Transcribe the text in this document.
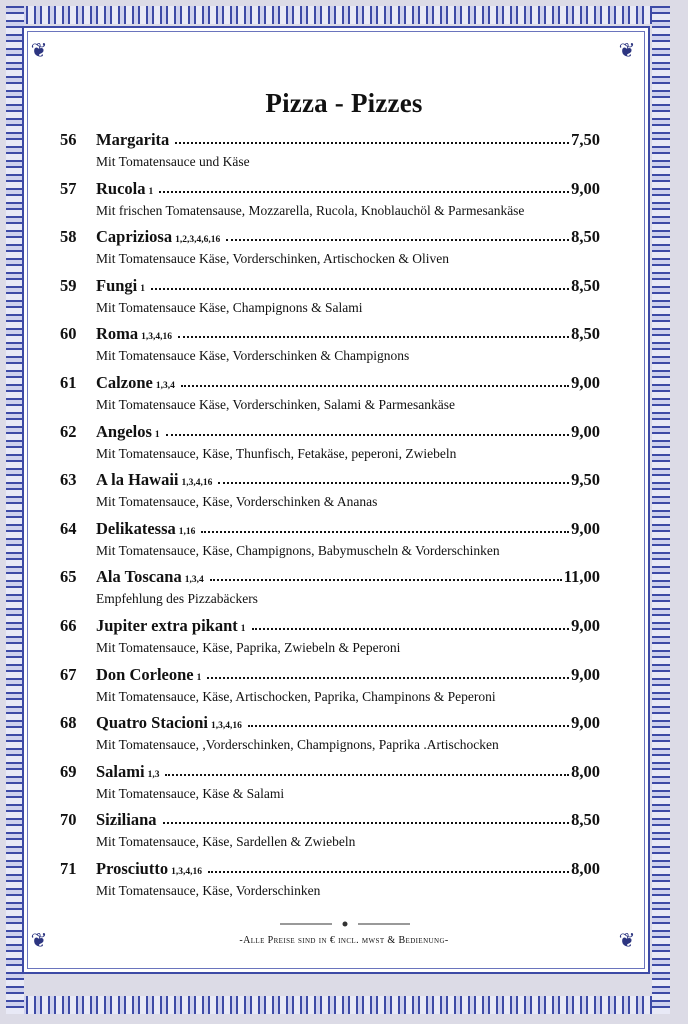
❦	❦
❦	❦
Pizza - Pizzes
56	Margarita	7,50
Mit Tomatensauce und Käse
57	Rucola 1	9,00
Mit frischen Tomatensause, Mozzarella, Rucola, Knoblauchöl & Parmesankäse
58	Capriziosa 1,2,3,4,6,16	8,50
Mit Tomatensauce Käse, Vorderschinken, Artischocken & Oliven
59	Fungi 1	8,50
Mit Tomatensauce Käse, Champignons & Salami
60	Roma 1,3,4,16	8,50
Mit Tomatensauce Käse, Vorderschinken & Champignons
61	Calzone 1,3,4	9,00
Mit Tomatensauce Käse, Vorderschinken, Salami & Parmesankäse
62	Angelos 1	9,00
Mit Tomatensauce, Käse, Thunfisch, Fetakäse, peperoni, Zwiebeln
63	A la Hawaii 1,3,4,16	9,50
Mit Tomatensauce, Käse, Vorderschinken & Ananas
64	Delikatessa 1,16	9,00
Mit Tomatensauce, Käse, Champignons, Babymuscheln & Vorderschinken
65	Ala Toscana 1,3,4	11,00
Empfehlung des Pizzabäckers
66	Jupiter extra pikant 1	9,00
Mit Tomatensauce, Käse, Paprika, Zwiebeln & Peperoni
67	Don Corleone 1	9,00
Mit Tomatensauce, Käse, Artischocken, Paprika, Champinons & Peperoni
68	Quatro Stacioni 1,3,4,16	9,00
Mit Tomatensauce, ,Vorderschinken, Champignons, Paprika .Artischocken
69	Salami 1,3	8,00
Mit Tomatensauce, Käse & Salami
70	Siziliana	8,50
Mit Tomatensauce, Käse, Sardellen & Zwiebeln
71	Prosciutto 1,3,4,16	8,00
Mit Tomatensauce, Käse, Vorderschinken
-Alle Preise sind in € incl. mwst & Bedienung-
